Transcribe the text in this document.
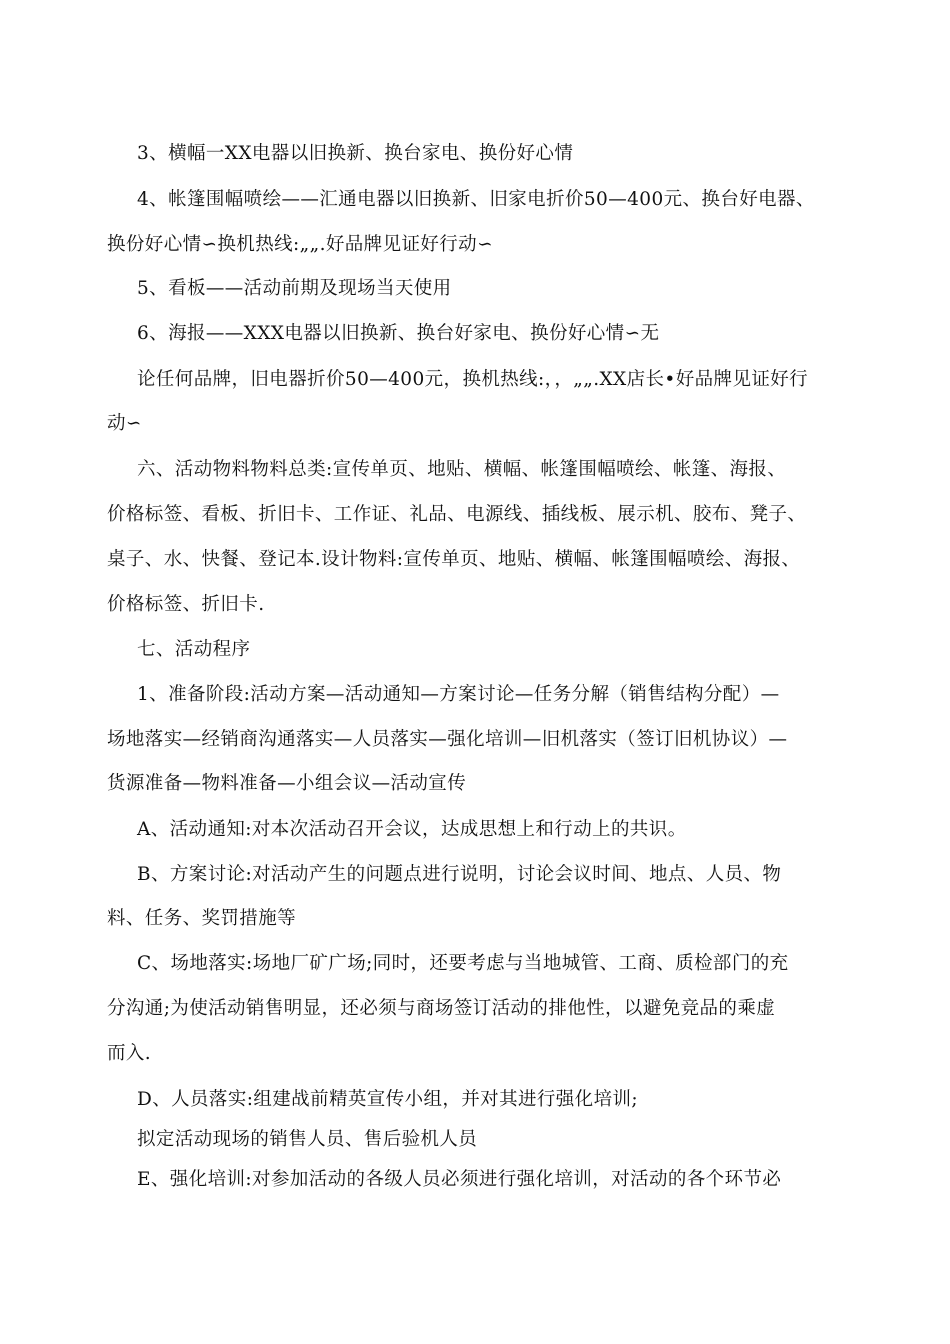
3、横幅一XX电器以旧换新、换台家电、换份好心情
4、帐篷围幅喷绘——汇通电器以旧换新、旧家电折价50—400元、换台好电器、
换份好心情∽换机热线:„„.好品牌见证好行动∽
5、看板——活动前期及现场当天使用
6、海报——XXX电器以旧换新、换台好家电、换份好心情∽无
论任何品牌，旧电器折价50—400元，换机热线:，，„„.XX店长•好品牌见证好行
动∽
六、活动物料物料总类:宣传单页、地贴、横幅、帐篷围幅喷绘、帐篷、海报、
价格标签、看板、折旧卡、工作证、礼品、电源线、插线板、展示机、胶布、凳子、
桌子、水、快餐、登记本.设计物料:宣传单页、地贴、横幅、帐篷围幅喷绘、海报、
价格标签、折旧卡.
七、活动程序
1、准备阶段:活动方案—活动通知—方案讨论—任务分解（销售结构分配）—
场地落实—经销商沟通落实—人员落实—强化培训—旧机落实（签订旧机协议）—
货源准备—物料准备—小组会议—活动宣传
A、活动通知:对本次活动召开会议，达成思想上和行动上的共识。
B、方案讨论:对活动产生的问题点进行说明，讨论会议时间、地点、人员、物
料、任务、奖罚措施等
C、场地落实:场地厂矿广场;同时，还要考虑与当地城管、工商、质检部门的充
分沟通;为使活动销售明显，还必须与商场签订活动的排他性，以避免竞品的乘虚
而入.
D、人员落实:组建战前精英宣传小组，并对其进行强化培训;
拟定活动现场的销售人员、售后验机人员
E、强化培训:对参加活动的各级人员必须进行强化培训，对活动的各个环节必
